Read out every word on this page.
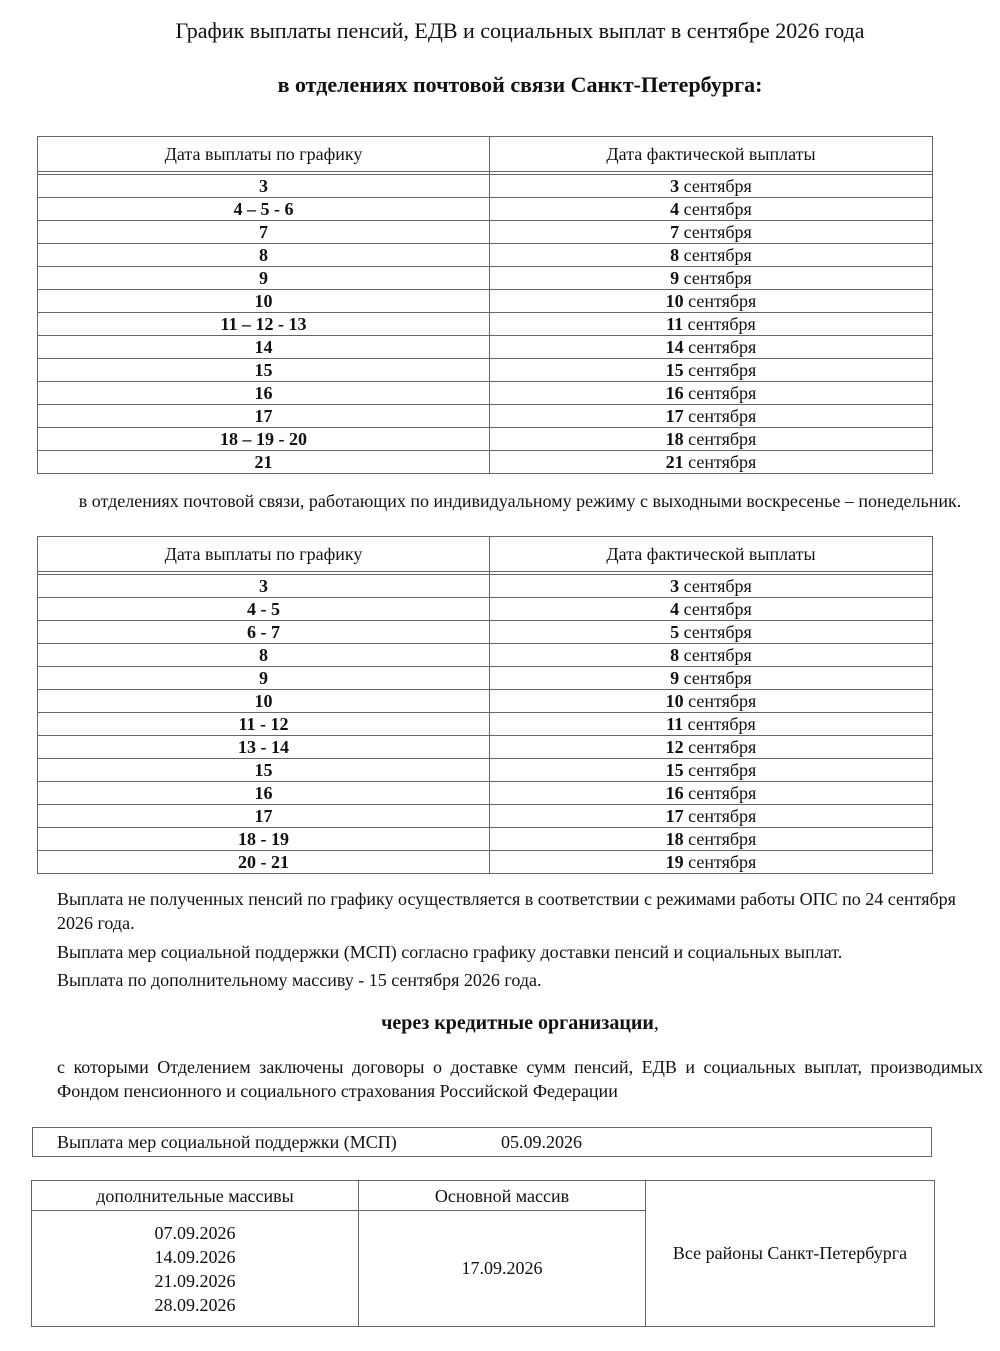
График выплаты пенсий, ЕДВ и социальных выплат в сентябре 2026 года
в отделениях почтовой связи Санкт-Петербурга:
Дата выплаты по графику	Дата фактической выплаты

3	3 сентября
4 – 5 - 6	4 сентября
7	7 сентября
8	8 сентября
9	9 сентября
10	10 сентября
11 – 12 - 13	11 сентября
14	14 сентября
15	15 сентября
16	16 сентября
17	17 сентября
18 – 19 - 20	18 сентября
21	21 сентября
в отделениях почтовой связи, работающих по индивидуальному режиму с выходными воскресенье – понедельник.
Дата выплаты по графику	Дата фактической выплаты

3	3 сентября
4 - 5	4 сентября
6 - 7	5 сентября
8	8 сентября
9	9 сентября
10	10 сентября
11 - 12	11 сентября
13 - 14	12 сентября
15	15 сентября
16	16 сентября
17	17 сентября
18 - 19	18 сентября
20 - 21	19 сентября
Выплата не полученных пенсий по графику осуществляется в соответствии с режимами работы ОПС по 24 сентября 2026 года.
Выплата мер социальной поддержки (МСП) согласно графику доставки пенсий и социальных выплат.
Выплата по дополнительному массиву - 15 сентября 2026 года.
через кредитные организации,
с которыми Отделением заключены договоры о доставке сумм пенсий, ЕДВ и социальных выплат, производимых Фондом пенсионного и социального страхования Российской Федерации
Выплата мер социальной поддержки (МСП)	05.09.2026
дополнительные массивы	Основной массив	Все районы Санкт-Петербурга

07.09.2026
14.09.2026
21.09.2026
28.09.2026	17.09.2026	
